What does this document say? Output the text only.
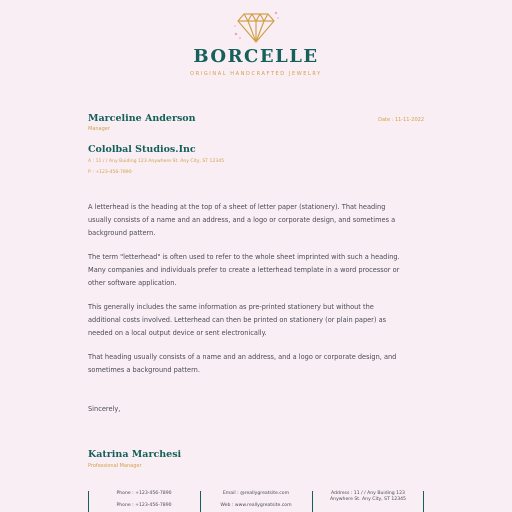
BORCELLE
ORIGINAL HANDCRAFTED JEWELRY
Marceline Anderson
Manager
Date : 11-11-2022
Cololbal Studios.Inc
A : 11 / / Any Buiding 123 Anywhere St. Any City, ST 12345
P : +123-456-7890

A letterhead is the heading at the top of a sheet of letter paper (stationery). That heading usually consists of a name and an address, and a logo or corporate design, and sometimes a background pattern.

The term "letterhead" is often used to refer to the whole sheet imprinted with such a heading. Many companies and individuals prefer to create a letterhead template in a word processor or other software application.

This generally includes the same information as pre-printed stationery but without the additional costs involved. Letterhead can then be printed on stationery (or plain paper) as needed on a local output device or sent electronically.

That heading usually consists of a name and an address, and a logo or corporate design, and sometimes a background pattern.

Sincerely,
Katrina Marchesi
Professional Manager
Phone : +123-456-7890
Phone : +123-456-7890
Email : @reallygreatsite.com
Web : www.reallygreatsite.com
Address : 11 / / Any Buiding 123
Anywhere St. Any City, ST 12345
